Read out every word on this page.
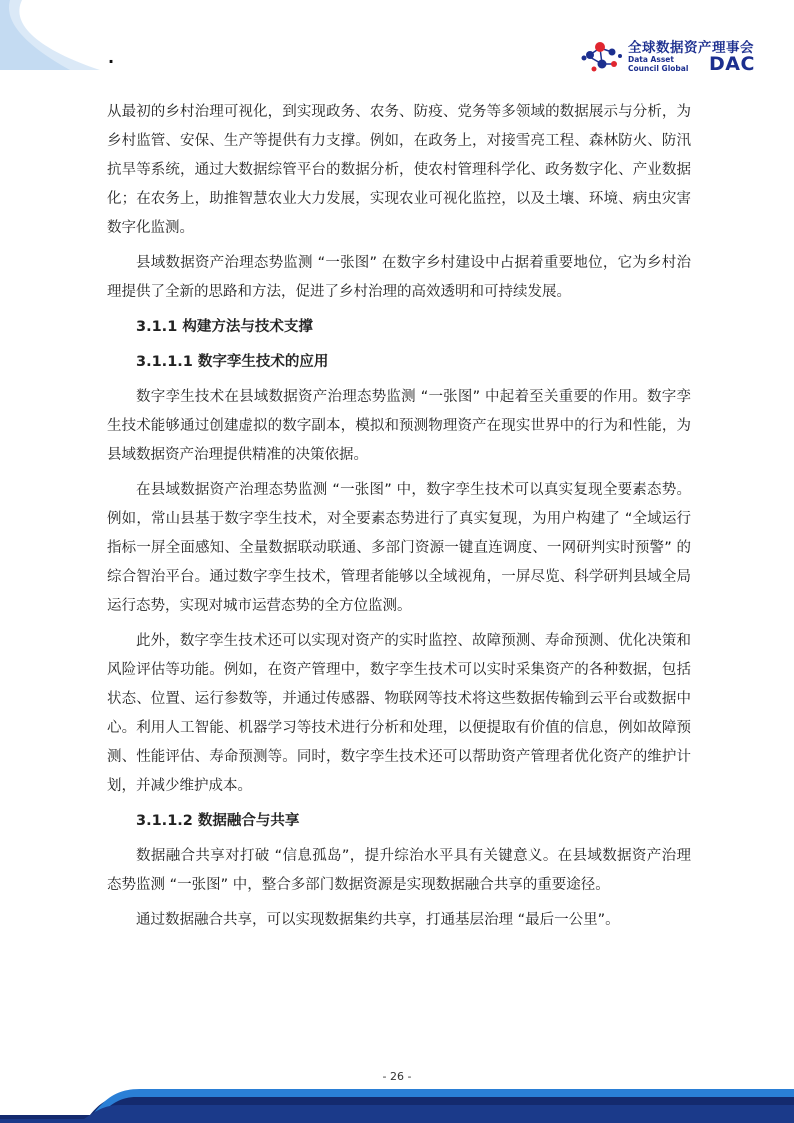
·
全球数据资产理事会
Data Asset
Council Global	DAC

从最初的乡村治理可视化，到实现政务、农务、防疫、党务等多领域的数据展示与分析，为乡村监管、安保、生产等提供有力支撑。例如，在政务上，对接雪亮工程、森林防火、防汛抗旱等系统，通过大数据综管平台的数据分析，使农村管理科学化、政务数字化、产业数据化；在农务上，助推智慧农业大力发展，实现农业可视化监控，以及土壤、环境、病虫灾害数字化监测。

县域数据资产治理态势监测 “一张图” 在数字乡村建设中占据着重要地位，它为乡村治理提供了全新的思路和方法，促进了乡村治理的高效透明和可持续发展。

3.1.1 构建方法与技术支撑

3.1.1.1 数字孪生技术的应用

数字孪生技术在县域数据资产治理态势监测 “一张图” 中起着至关重要的作用。数字孪生技术能够通过创建虚拟的数字副本，模拟和预测物理资产在现实世界中的行为和性能，为县域数据资产治理提供精准的决策依据。

在县域数据资产治理态势监测 “一张图” 中，数字孪生技术可以真实复现全要素态势。例如，常山县基于数字孪生技术，对全要素态势进行了真实复现，为用户构建了 “全域运行指标一屏全面感知、全量数据联动联通、多部门资源一键直连调度、一网研判实时预警” 的综合智治平台。通过数字孪生技术，管理者能够以全域视角，一屏尽览、科学研判县域全局运行态势，实现对城市运营态势的全方位监测。

此外，数字孪生技术还可以实现对资产的实时监控、故障预测、寿命预测、优化决策和风险评估等功能。例如，在资产管理中，数字孪生技术可以实时采集资产的各种数据，包括状态、位置、运行参数等，并通过传感器、物联网等技术将这些数据传输到云平台或数据中心。利用人工智能、机器学习等技术进行分析和处理，以便提取有价值的信息，例如故障预测、性能评估、寿命预测等。同时，数字孪生技术还可以帮助资产管理者优化资产的维护计划，并减少维护成本。

3.1.1.2 数据融合与共享

数据融合共享对打破 “信息孤岛”，提升综治水平具有关键意义。在县域数据资产治理态势监测 “一张图” 中，整合多部门数据资源是实现数据融合共享的重要途径。

通过数据融合共享，可以实现数据集约共享，打通基层治理 “最后一公里”。

- 26 -
